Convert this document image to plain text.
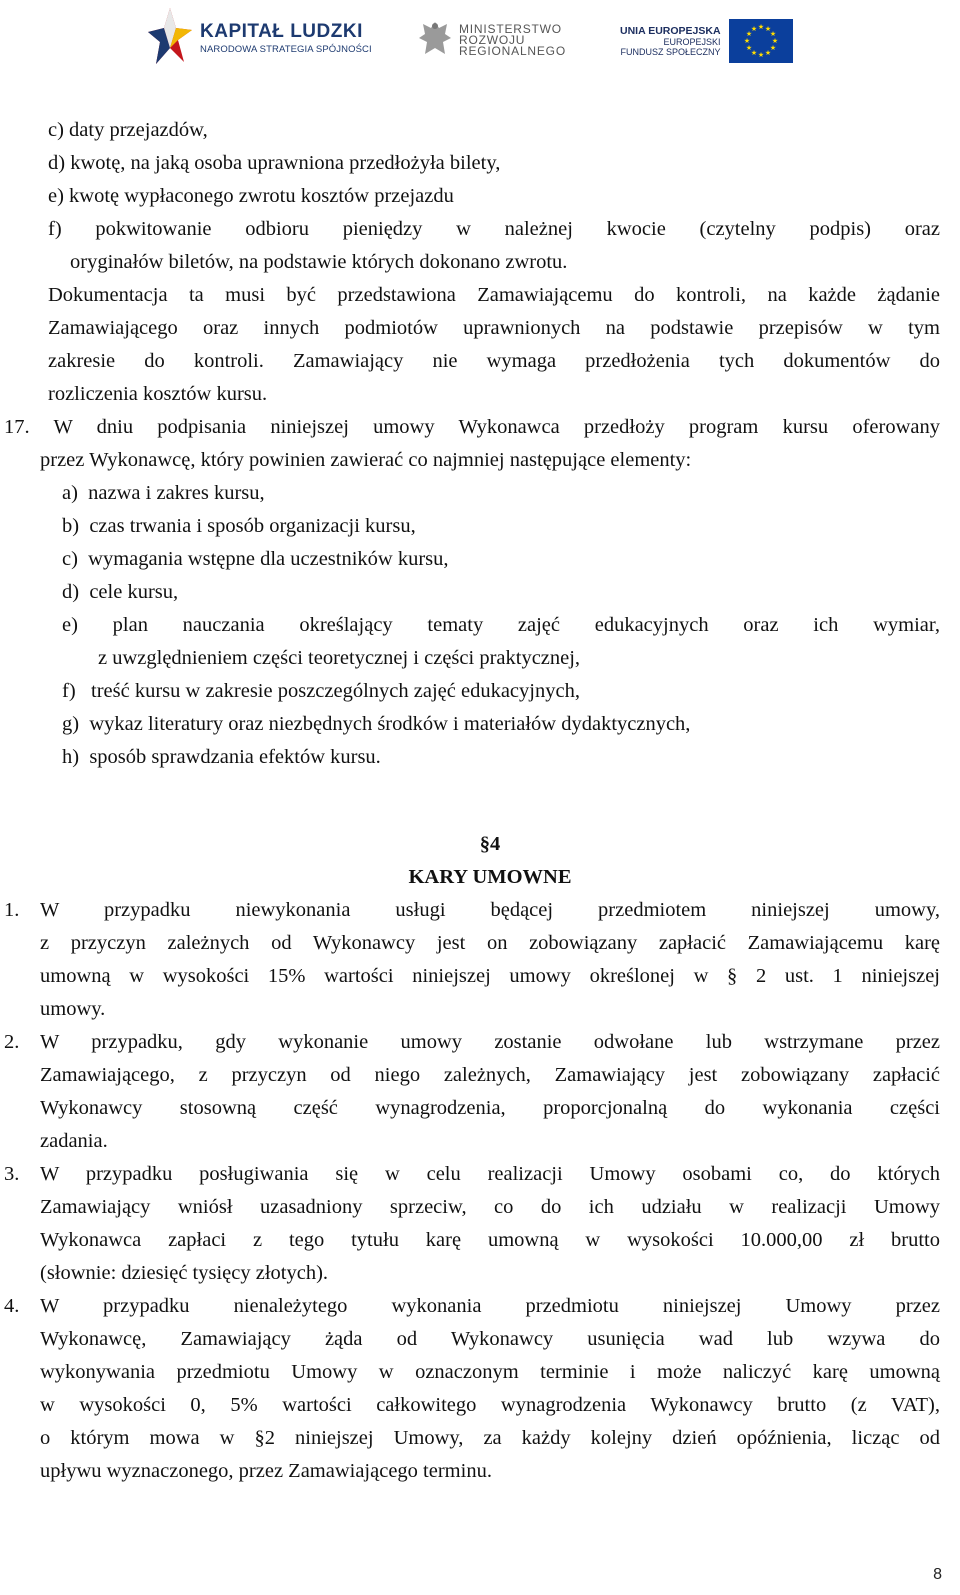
KAPITAŁ LUDZKI
NARODOWA STRATEGIA SPÓJNOŚCI
MINISTERSTWO
ROZWOJU
REGIONALNEGO
UNIA EUROPEJSKA
EUROPEJSKI
FUNDUSZ SPOŁECZNY
★ ★
★
★
★
★
★
★
★
★
★
★
c) daty przejazdów,
d) kwotę, na jaką osoba uprawniona przedłożyła bilety,
e) kwotę wypłaconego zwrotu kosztów przejazdu
f) pokwitowanie odbioru pieniędzy w należnej kwocie (czytelny podpis) oraz
oryginałów biletów, na podstawie których dokonano zwrotu.
Dokumentacja ta musi być przedstawiona Zamawiającemu do kontroli, na każde żądanie
Zamawiającego oraz innych podmiotów uprawnionych na podstawie przepisów w tym
zakresie do kontroli. Zamawiający nie wymaga przedłożenia tych dokumentów do
rozliczenia kosztów kursu.
17. W dniu podpisania niniejszej umowy Wykonawca przedłoży program kursu oferowany
przez Wykonawcę, który powinien zawierać co najmniej następujące elementy:
a)  nazwa i zakres kursu,
b)  czas trwania i sposób organizacji kursu,
c)  wymagania wstępne dla uczestników kursu,
d)  cele kursu,
e) plan nauczania określający tematy zajęć edukacyjnych oraz ich wymiar,
z uwzględnieniem części teoretycznej i części praktycznej,
f)   treść kursu w zakresie poszczególnych zajęć edukacyjnych,
g)  wykaz literatury oraz niezbędnych środków i materiałów dydaktycznych,
h)  sposób sprawdzania efektów kursu.
§4
KARY UMOWNE
1. W przypadku niewykonania usługi będącej przedmiotem niniejszej umowy,
z przyczyn zależnych od Wykonawcy jest on zobowiązany zapłacić Zamawiającemu karę
umowną w wysokości 15% wartości niniejszej umowy określonej w § 2 ust. 1 niniejszej
umowy.
2. W przypadku, gdy wykonanie umowy zostanie odwołane lub wstrzymane przez
Zamawiającego, z przyczyn od niego zależnych, Zamawiający jest zobowiązany zapłacić
Wykonawcy stosowną część wynagrodzenia, proporcjonalną do wykonania części
zadania.
3. W przypadku posługiwania się w celu realizacji Umowy osobami co, do których
Zamawiający wniósł uzasadniony sprzeciw, co do ich udziału w realizacji Umowy
Wykonawca zapłaci z tego tytułu karę umowną w wysokości 10.000,00 zł brutto
(słownie: dziesięć tysięcy złotych).
4. W przypadku nienależytego wykonania przedmiotu niniejszej Umowy przez
Wykonawcę, Zamawiający żąda od Wykonawcy usunięcia wad lub wzywa do
wykonywania przedmiotu Umowy w oznaczonym terminie i może naliczyć karę umowną
w wysokości 0, 5% wartości całkowitego wynagrodzenia Wykonawcy brutto (z VAT),
o którym mowa w §2 niniejszej Umowy, za każdy kolejny dzień opóźnienia, licząc od
upływu wyznaczonego, przez Zamawiającego terminu.
8
